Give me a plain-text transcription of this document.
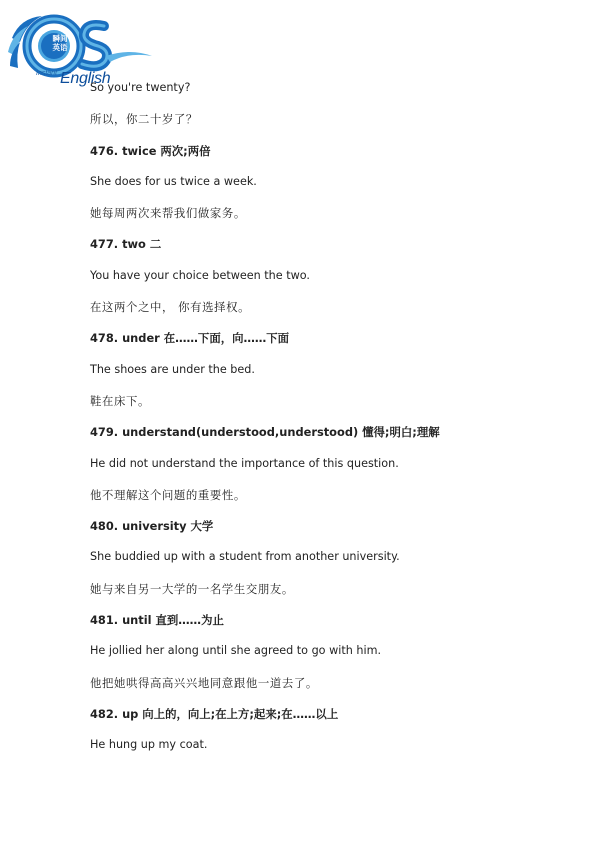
瞬间
英语
Instant English
So you're twenty?
所以，你二十岁了？
476. twice 两次;两倍
She does for us twice a week.
她每周两次来帮我们做家务。
477. two 二
You have your choice between the two.
在这两个之中， 你有选择权。
478. under 在……下面，向……下面
The shoes are under the bed.
鞋在床下。
479. understand(understood,understood) 懂得;明白;理解
He did not understand the importance of this question.
他不理解这个问题的重要性。
480. university 大学
She buddied up with a student from another university.
她与来自另一大学的一名学生交朋友。
481. until 直到……为止
He jollied her along until she agreed to go with him.
他把她哄得高高兴兴地同意跟他一道去了。
482. up 向上的，向上;在上方;起来;在……以上
He hung up my coat.
